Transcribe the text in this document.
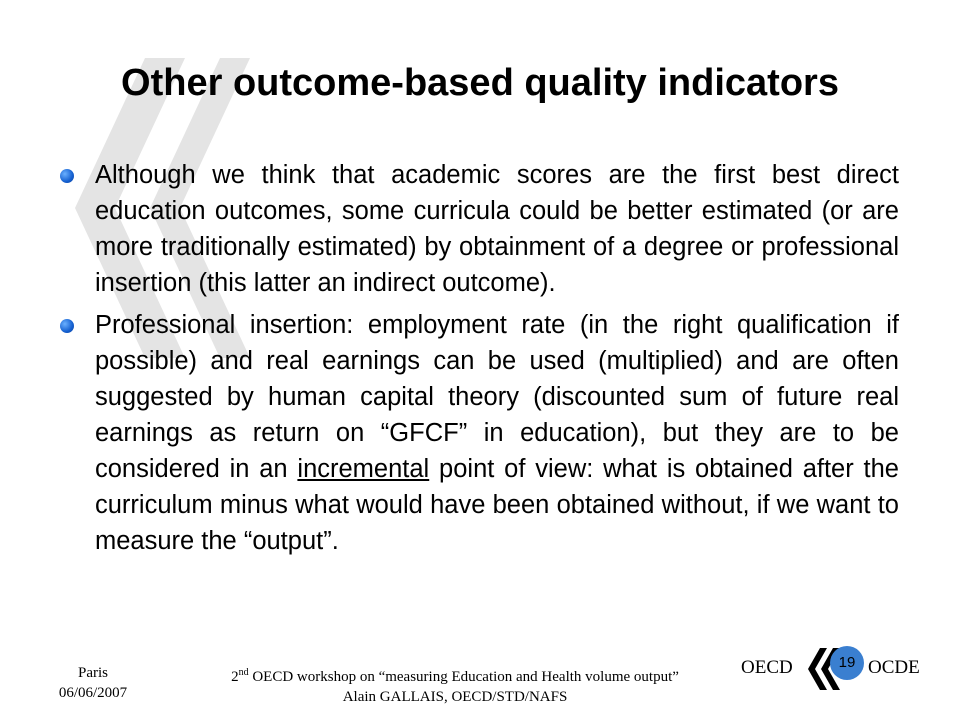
Other outcome-based quality indicators
Although we think that academic scores are the first best direct education outcomes, some curricula could be better estimated (or are more traditionally estimated) by obtainment of a degree or professional insertion (this latter an indirect outcome).
Professional insertion: employment rate (in the right qualification if possible) and real earnings can be used (multiplied) and are often suggested by human capital theory (discounted sum of future real earnings as return on “GFCF” in education), but they are to be considered in an incremental point of view: what is obtained after the curriculum minus what would have been obtained without, if we want to measure the “output”.
Paris
06/06/2007
2nd OECD workshop on “measuring Education and Health volume output”
Alain GALLAIS, OECD/STD/NAFS
OECD	19 OCDE
